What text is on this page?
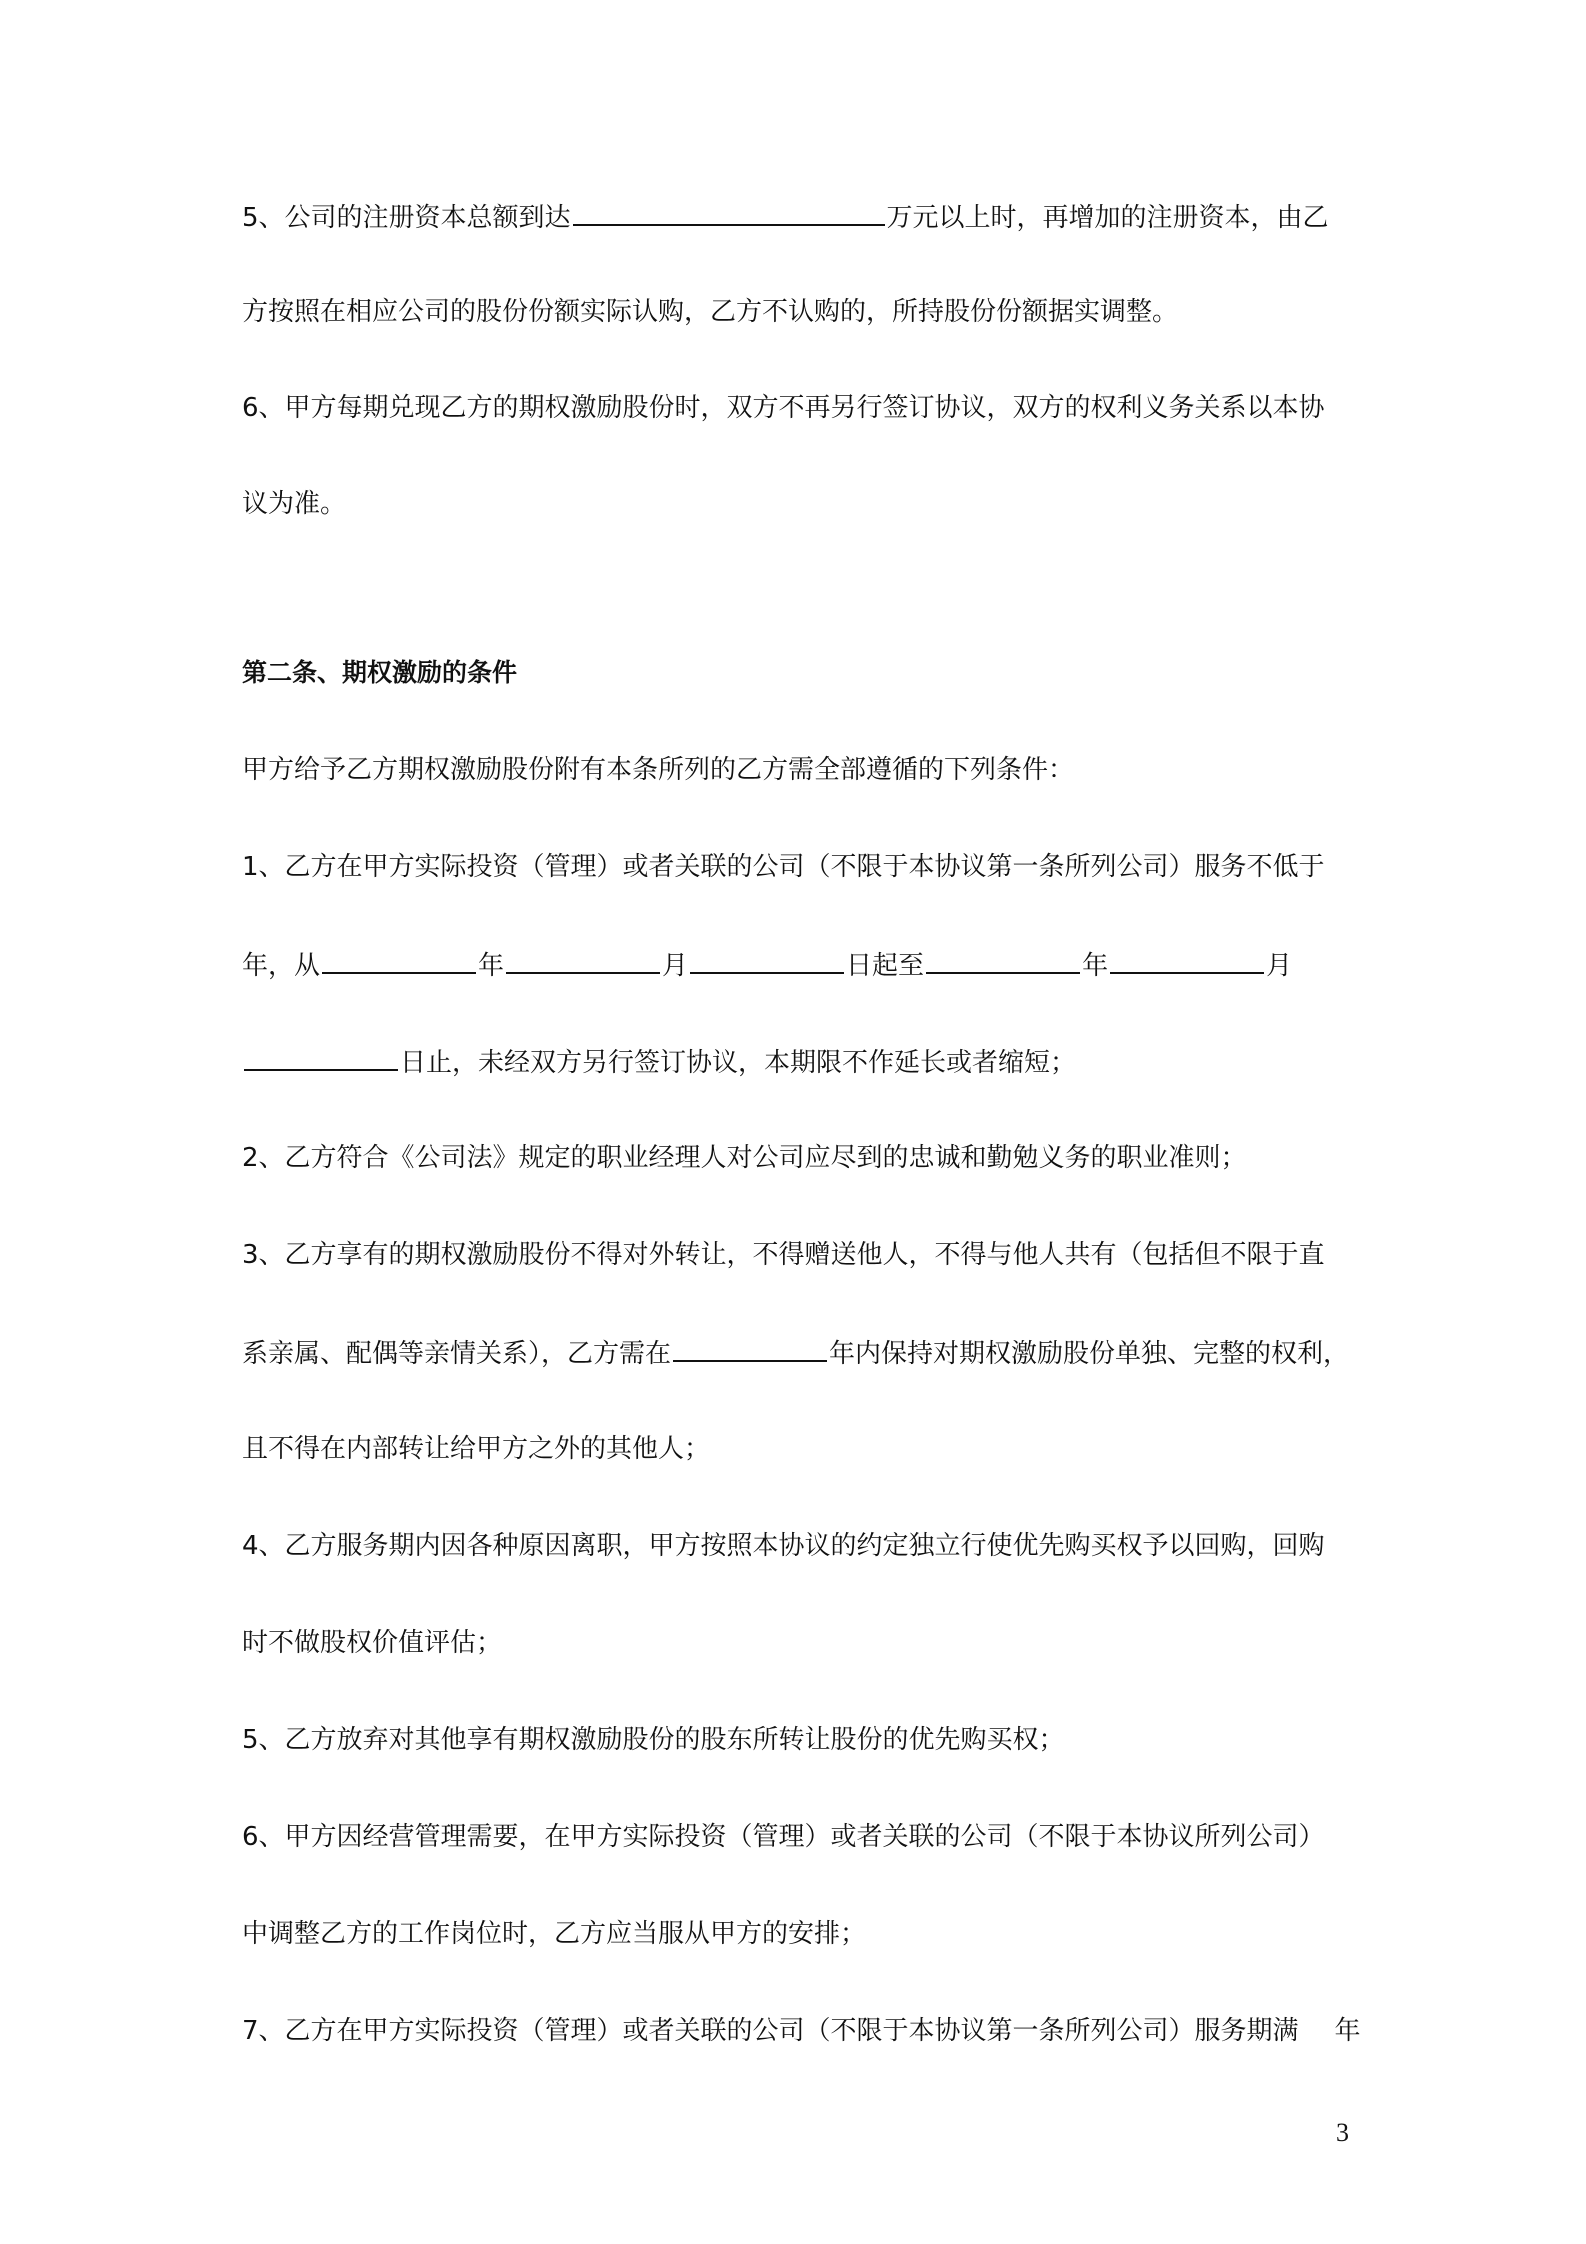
5、公司的注册资本总额到达	万元以上时，再增加的注册资本，由乙
方按照在相应公司的股份份额实际认购，乙方不认购的，所持股份份额据实调整。
6、甲方每期兑现乙方的期权激励股份时，双方不再另行签订协议，双方的权利义务关系以本协
议为准。
第二条、期权激励的条件
甲方给予乙方期权激励股份附有本条所列的乙方需全部遵循的下列条件：
1、乙方在甲方实际投资（管理）或者关联的公司（不限于本协议第一条所列公司）服务不低于
年，从	年	月	日起至	年	月
日止，未经双方另行签订协议，本期限不作延长或者缩短；
2、乙方符合《公司法》规定的职业经理人对公司应尽到的忠诚和勤勉义务的职业准则；
3、乙方享有的期权激励股份不得对外转让，不得赠送他人，不得与他人共有（包括但不限于直
系亲属、配偶等亲情关系），乙方需在	年内保持对期权激励股份单独、完整的权利，
且不得在内部转让给甲方之外的其他人；
4、乙方服务期内因各种原因离职，甲方按照本协议的约定独立行使优先购买权予以回购，回购
时不做股权价值评估；
5、乙方放弃对其他享有期权激励股份的股东所转让股份的优先购买权；
6、甲方因经营管理需要，在甲方实际投资（管理）或者关联的公司（不限于本协议所列公司）
中调整乙方的工作岗位时，乙方应当服从甲方的安排；
7、乙方在甲方实际投资（管理）或者关联的公司（不限于本协议第一条所列公司）服务期满 年
3
